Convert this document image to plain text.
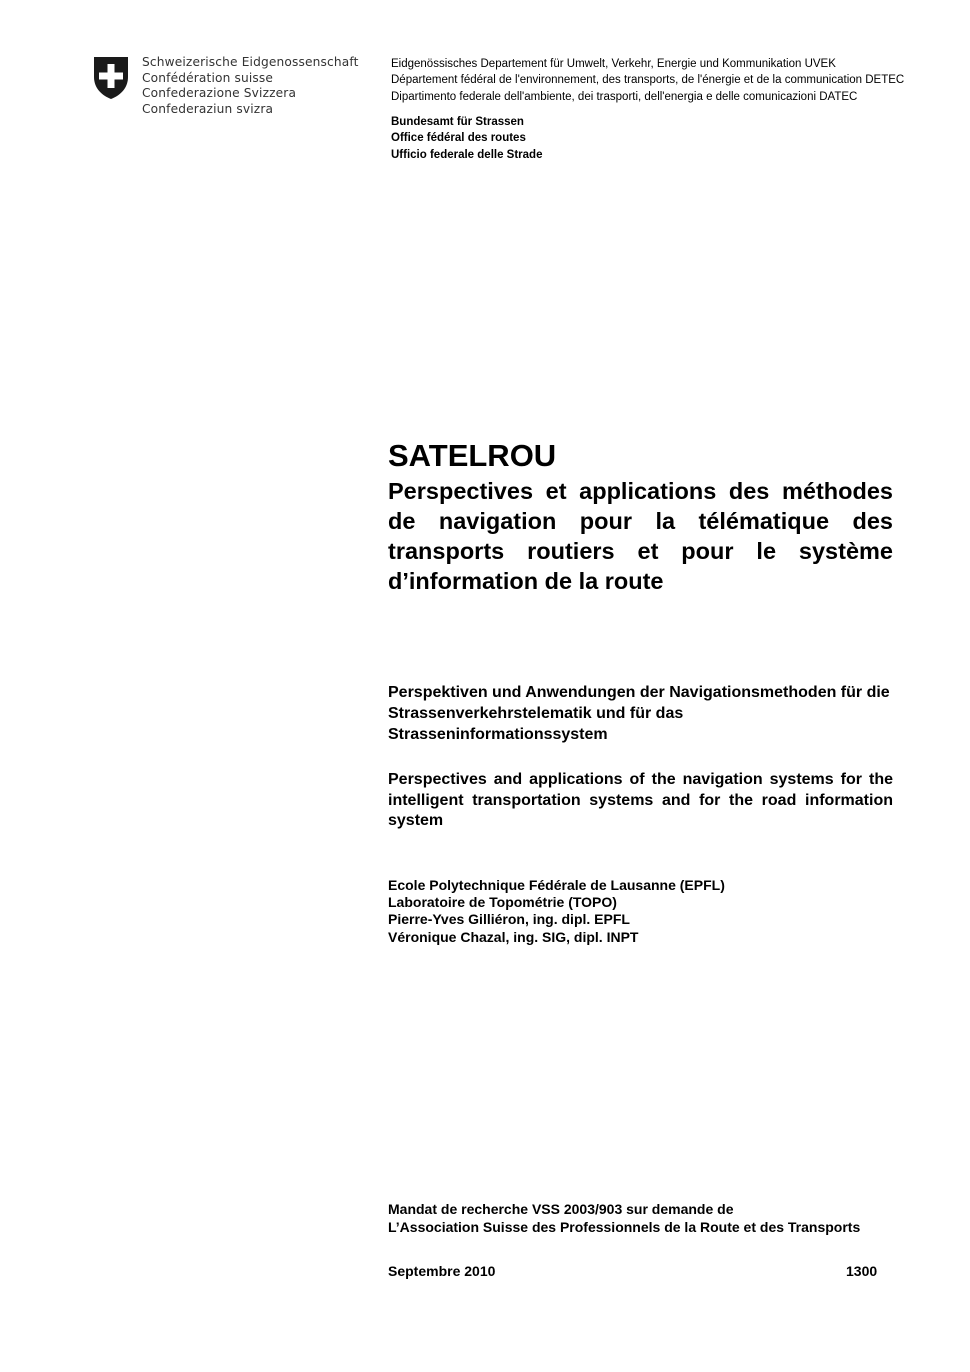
Schweizerische Eidgenossenschaft
Confédération suisse
Confederazione Svizzera
Confederaziun svizra
Eidgenössisches Departement für Umwelt, Verkehr, Energie und Kommunikation UVEK
Département fédéral de l'environnement, des transports, de l'énergie et de la communication DETEC
Dipartimento federale dell'ambiente, dei trasporti, dell'energia e delle comunicazioni DATEC
Bundesamt für Strassen
Office fédéral des routes
Ufficio federale delle Strade
SATELROU
Perspectives et applications des méthodes de navigation pour la télématique des transports routiers et pour le système d’information de la route
Perspektiven und Anwendungen der Navigationsmethoden für die Strassenverkehrstelematik und für das Strasseninformationssystem
Perspectives and applications of the navigation systems for the intelligent transportation systems and for the road information system
Ecole Polytechnique Fédérale de Lausanne (EPFL)
Laboratoire de Topométrie (TOPO)
Pierre-Yves Gilliéron, ing. dipl. EPFL
Véronique Chazal, ing. SIG, dipl. INPT
Mandat de recherche VSS 2003/903 sur demande de
L’Association Suisse des Professionnels de la Route et des Transports
Septembre 2010	1300
